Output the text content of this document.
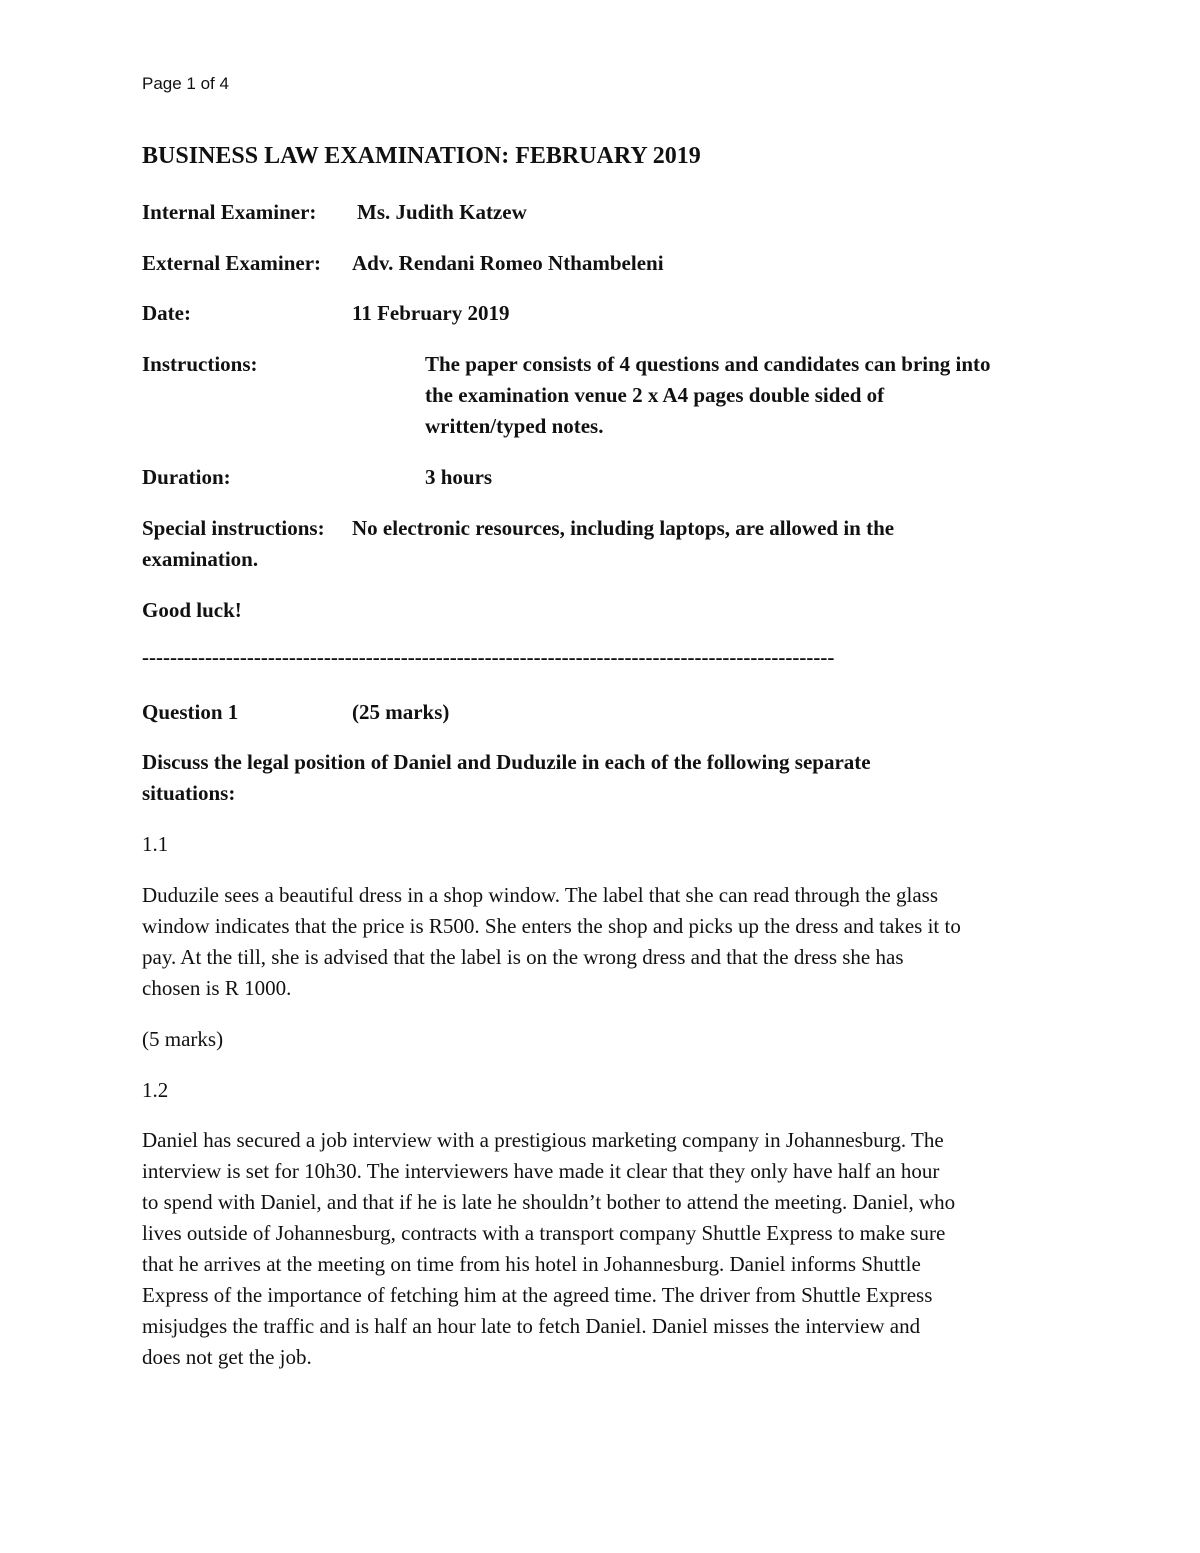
Page 1 of 4
BUSINESS LAW EXAMINATION: FEBRUARY 2019
Internal Examiner: Ms. Judith Katzew
External Examiner: Adv. Rendani Romeo Nthambeleni
Date:	11 February 2019
Instructions:	The paper consists of 4 questions and candidates can bring into
the examination venue 2 x A4 pages double sided of
written/typed notes.
Duration:	3 hours
Special instructions: No electronic resources, including laptops, are allowed in the
examination.
Good luck!
---------------------------------------------------------------------------------------------------
Question 1	(25 marks)
Discuss the legal position of Daniel and Duduzile in each of the following separate
situations:
1.1
Duduzile sees a beautiful dress in a shop window. The label that she can read through the glass
window indicates that the price is R500. She enters the shop and picks up the dress and takes it to
pay. At the till, she is advised that the label is on the wrong dress and that the dress she has
chosen is R 1000.
(5 marks)
1.2
Daniel has secured a job interview with a prestigious marketing company in Johannesburg. The
interview is set for 10h30. The interviewers have made it clear that they only have half an hour
to spend with Daniel, and that if he is late he shouldn’t bother to attend the meeting. Daniel, who
lives outside of Johannesburg, contracts with a transport company Shuttle Express to make sure
that he arrives at the meeting on time from his hotel in Johannesburg. Daniel informs Shuttle
Express of the importance of fetching him at the agreed time. The driver from Shuttle Express
misjudges the traffic and is half an hour late to fetch Daniel. Daniel misses the interview and
does not get the job.
